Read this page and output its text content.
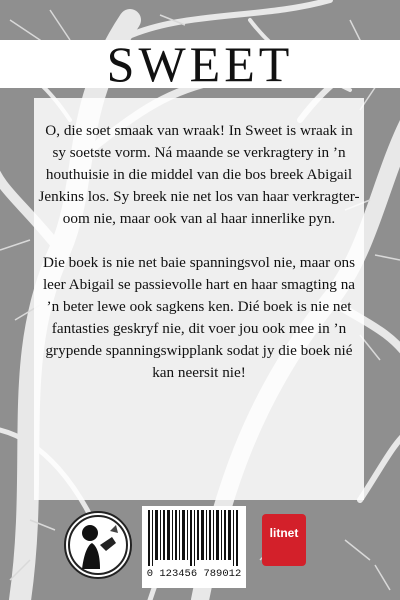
SWEET

O, die soet smaak van wraak! In Sweet is wraak in sy soetste vorm. Ná maande se verkragtery in ’n houthuisie in die middel van die bos breek Abigail Jenkins los. Sy breek nie net los van haar verkragter-oom nie, maar ook van al haar innerlike pyn.

Die boek is nie net baie spanningsvol nie, maar ons leer Abigail se passievolle hart en haar smagting na ’n beter lewe ook sagkens ken. Dié boek is nie net fantasties geskryf nie, dit voer jou ook mee in ’n grypende spanningswipplank sodat jy die boek nié kan neersit nie!

0 123456 789012
litnet
